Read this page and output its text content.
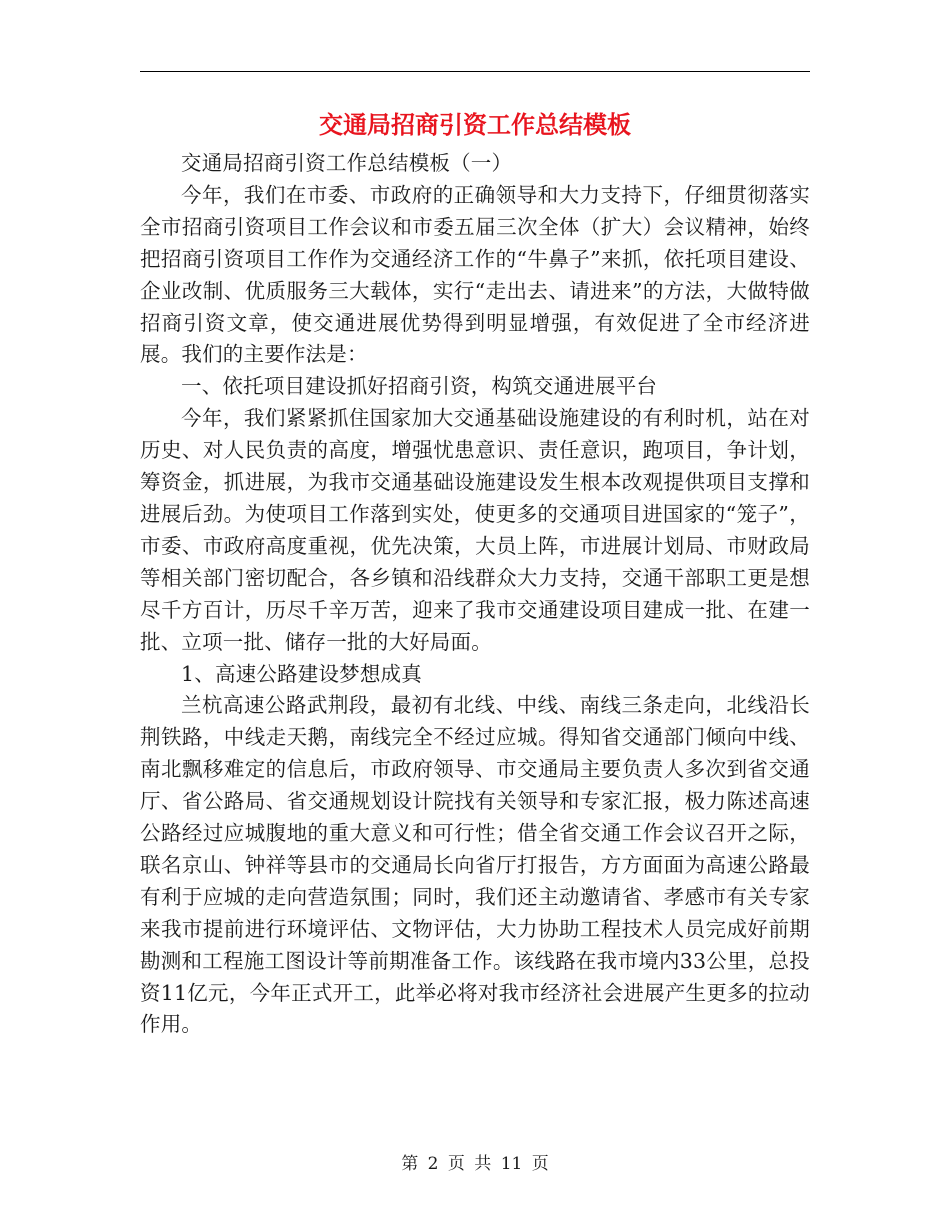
交通局招商引资工作总结模板

交通局招商引资工作总结模板（一）

今年，我们在市委、市政府的正确领导和大力支持下，仔细贯彻落实全市招商引资项目工作会议和市委五届三次全体（扩大）会议精神，始终把招商引资项目工作作为交通经济工作的“牛鼻子”来抓，依托项目建设、企业改制、优质服务三大载体，实行“走出去、请进来”的方法，大做特做招商引资文章，使交通进展优势得到明显增强，有效促进了全市经济进展。我们的主要作法是：

一、依托项目建设抓好招商引资，构筑交通进展平台

今年，我们紧紧抓住国家加大交通基础设施建设的有利时机，站在对历史、对人民负责的高度，增强忧患意识、责任意识，跑项目，争计划，筹资金，抓进展，为我市交通基础设施建设发生根本改观提供项目支撑和进展后劲。为使项目工作落到实处，使更多的交通项目进国家的“笼子”，市委、市政府高度重视，优先决策，大员上阵，市进展计划局、市财政局等相关部门密切配合，各乡镇和沿线群众大力支持，交通干部职工更是想尽千方百计，历尽千辛万苦，迎来了我市交通建设项目建成一批、在建一批、立项一批、储存一批的大好局面。

1、高速公路建设梦想成真

兰杭高速公路武荆段，最初有北线、中线、南线三条走向，北线沿长荆铁路，中线走天鹅，南线完全不经过应城。得知省交通部门倾向中线、南北飘移难定的信息后，市政府领导、市交通局主要负责人多次到省交通厅、省公路局、省交通规划设计院找有关领导和专家汇报，极力陈述高速公路经过应城腹地的重大意义和可行性；借全省交通工作会议召开之际，联名京山、钟祥等县市的交通局长向省厅打报告，方方面面为高速公路最有利于应城的走向营造氛围；同时，我们还主动邀请省、孝感市有关专家来我市提前进行环境评估、文物评估，大力协助工程技术人员完成好前期勘测和工程施工图设计等前期准备工作。该线路在我市境内33公里，总投资11亿元，今年正式开工，此举必将对我市经济社会进展产生更多的拉动作用。

第 2 页 共 11 页
